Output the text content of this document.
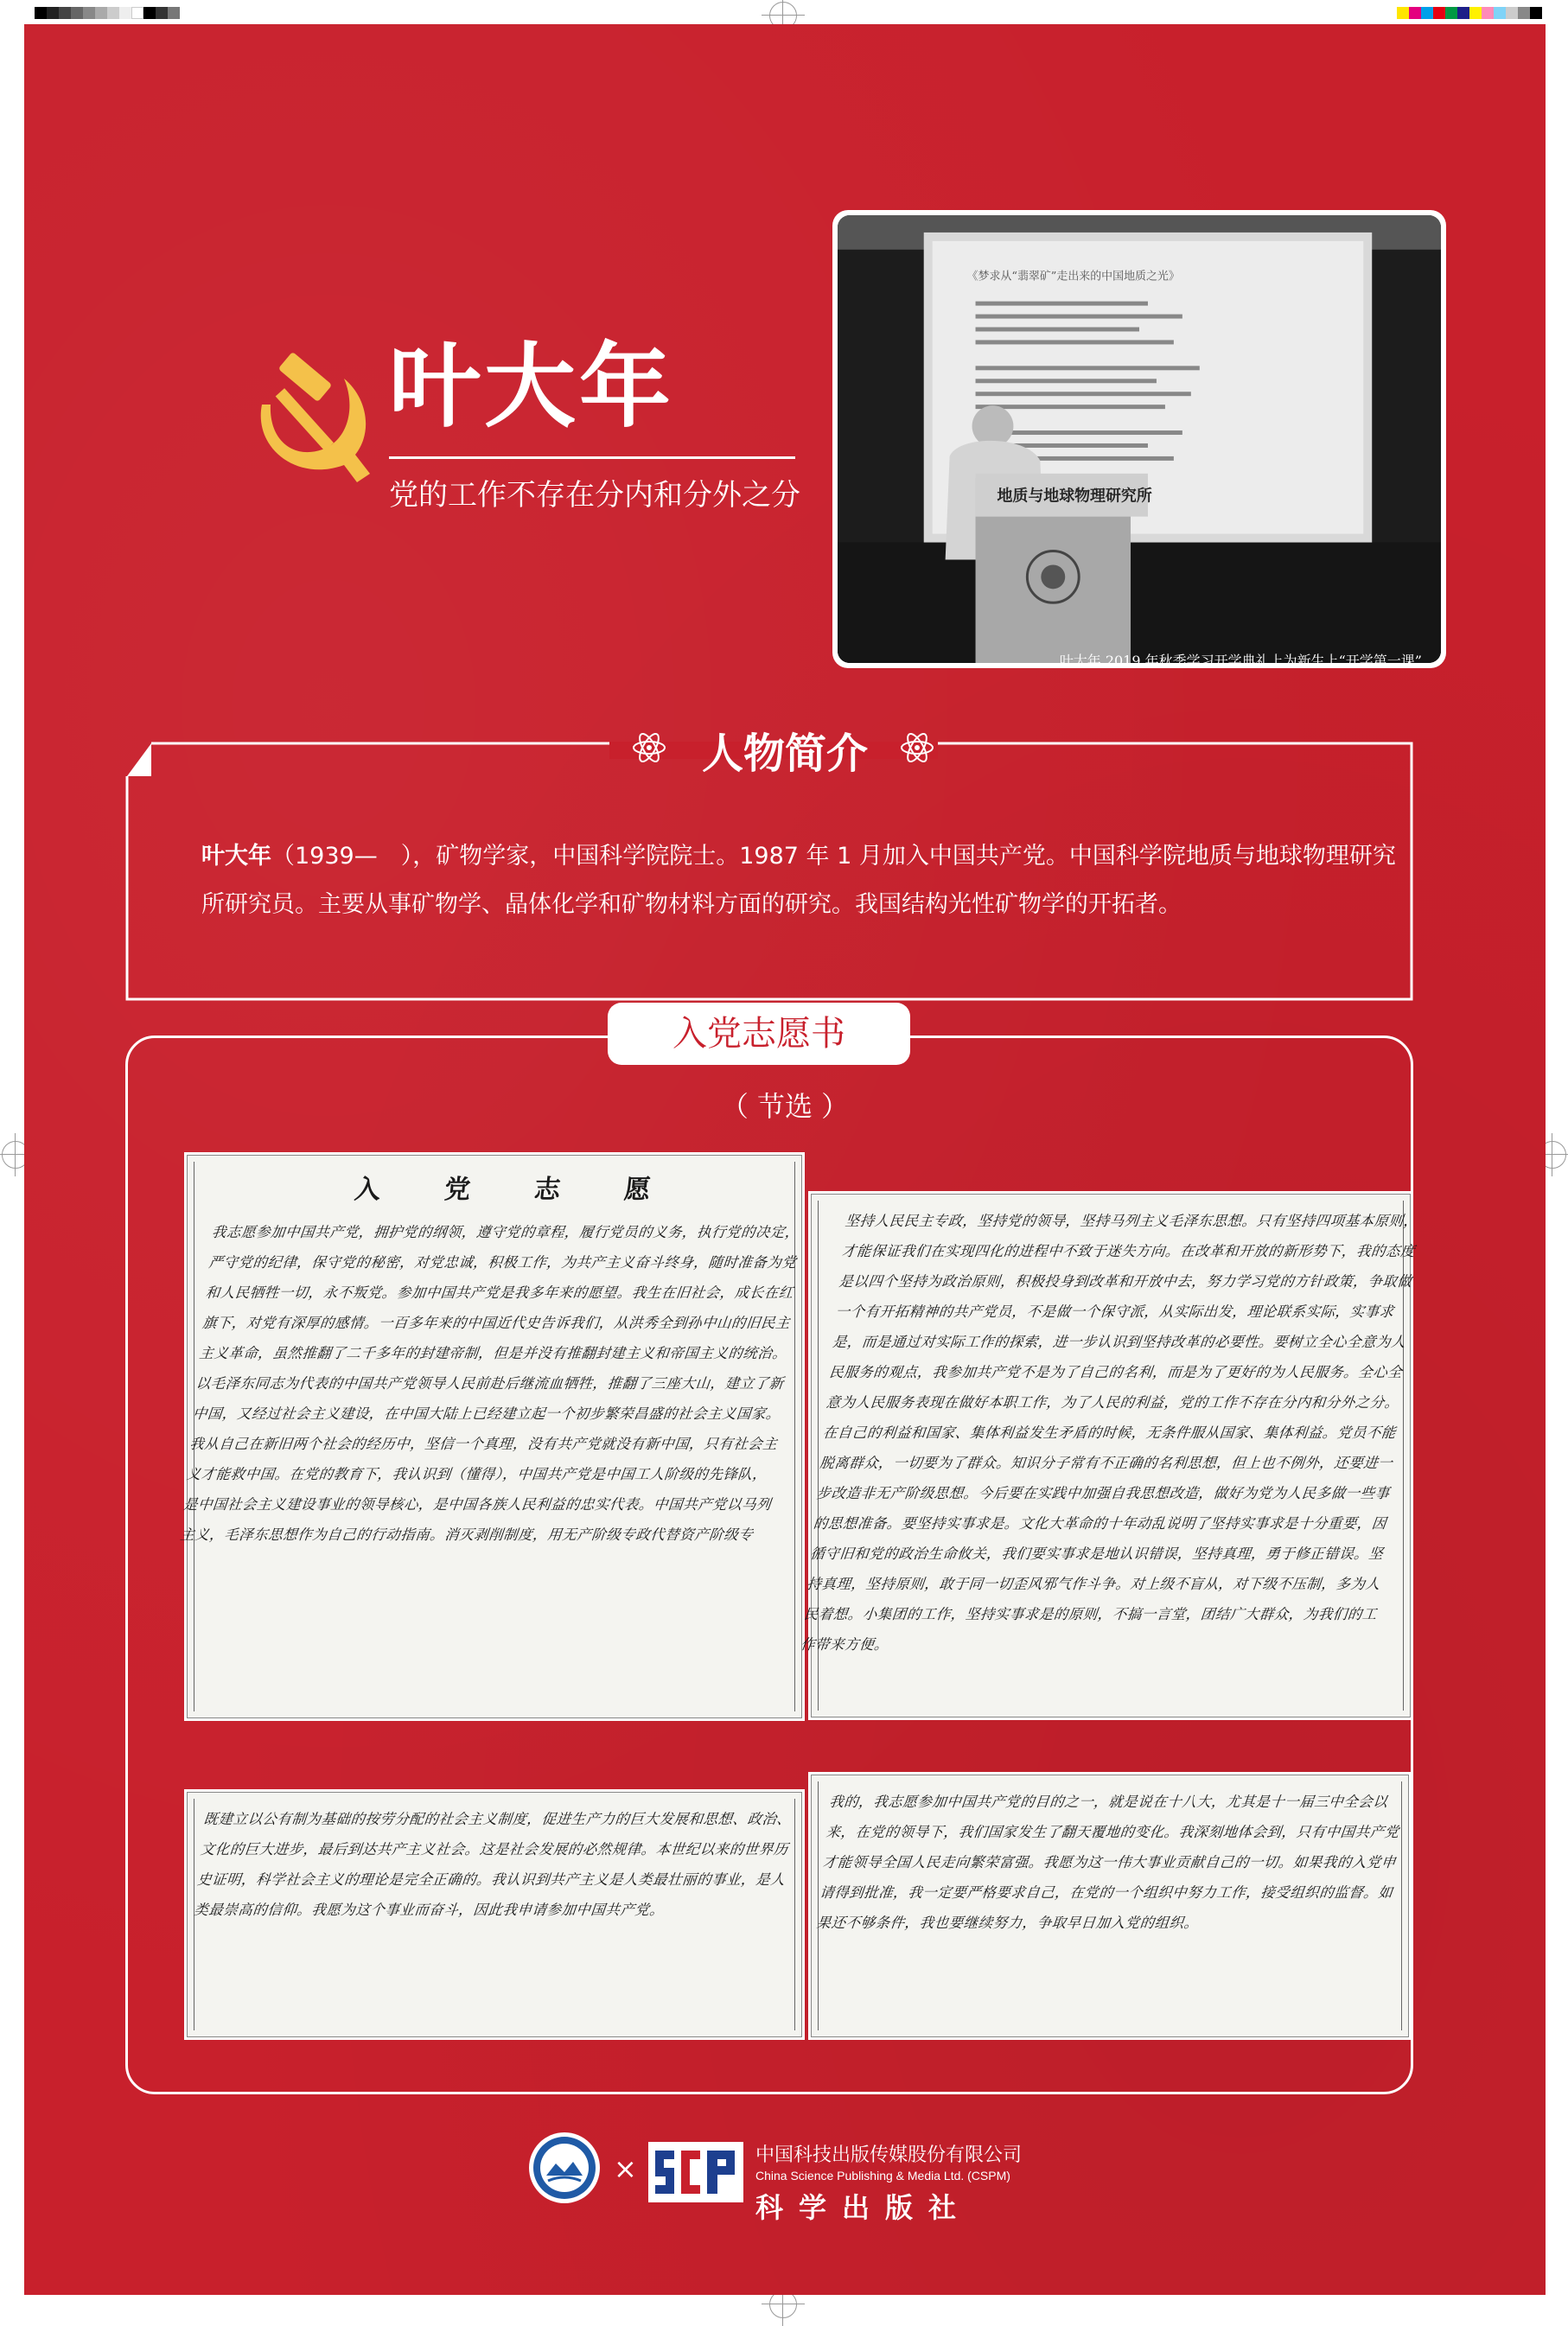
叶大年
党的工作不存在分内和分外之分
《梦求从“翡翠矿”走出来的中国地质之光》
地质与地球物理研究所
叶大年 2019 年秋季学习开学典礼上为新生上“开学第一课”
人物简介
叶大年（1939—　），矿物学家，中国科学院院士。1987 年 1 月加入中国共产党。中国科学院地质与地球物理研究所研究员。主要从事矿物学、晶体化学和矿物材料方面的研究。我国结构光性矿物学的开拓者。
入党志愿书
（ 节选 ）
入　党　志　愿
我志愿参加中国共产党，拥护党的纲领，遵守党的章程，履行党员的义务，执行党的决定，严守党的纪律，保守党的秘密，对党忠诚，积极工作，为共产主义奋斗终身，随时准备为党和人民牺牲一切，永不叛党。参加中国共产党是我多年来的愿望。我生在旧社会，成长在红旗下，对党有深厚的感情。一百多年来的中国近代史告诉我们，从洪秀全到孙中山的旧民主主义革命，虽然推翻了二千多年的封建帝制，但是并没有推翻封建主义和帝国主义的统治。以毛泽东同志为代表的中国共产党领导人民前赴后继流血牺牲，推翻了三座大山，建立了新中国，又经过社会主义建设，在中国大陆上已经建立起一个初步繁荣昌盛的社会主义国家。我从自己在新旧两个社会的经历中，坚信一个真理，没有共产党就没有新中国，只有社会主义才能救中国。在党的教育下，我认识到（懂得），中国共产党是中国工人阶级的先锋队，是中国社会主义建设事业的领导核心，是中国各族人民利益的忠实代表。中国共产党以马列主义，毛泽东思想作为自己的行动指南。消灭剥削制度，用无产阶级专政代替资产阶级专
坚持人民民主专政，坚持党的领导，坚持马列主义毛泽东思想。只有坚持四项基本原则，才能保证我们在实现四化的进程中不致于迷失方向。在改革和开放的新形势下，我的态度是以四个坚持为政治原则，积极投身到改革和开放中去，努力学习党的方针政策，争取做一个有开拓精神的共产党员，不是做一个保守派，从实际出发，理论联系实际，实事求是，而是通过对实际工作的探索，进一步认识到坚持改革的必要性。要树立全心全意为人民服务的观点，我参加共产党不是为了自己的名利，而是为了更好的为人民服务。全心全意为人民服务表现在做好本职工作，为了人民的利益，党的工作不存在分内和分外之分。在自己的利益和国家、集体利益发生矛盾的时候，无条件服从国家、集体利益。党员不能脱离群众，一切要为了群众。知识分子常有不正确的名利思想，但上也不例外，还要进一步改造非无产阶级思想。今后要在实践中加强自我思想改造，做好为党为人民多做一些事的思想准备。要坚持实事求是。文化大革命的十年动乱说明了坚持实事求是十分重要，因循守旧和党的政治生命攸关，我们要实事求是地认识错误，坚持真理，勇于修正错误。坚持真理，坚持原则，敢于同一切歪风邪气作斗争。对上级不盲从，对下级不压制，多为人民着想。小集团的工作，坚持实事求是的原则，不搞一言堂，团结广大群众，为我们的工作带来方便。
既建立以公有制为基础的按劳分配的社会主义制度，促进生产力的巨大发展和思想、政治、文化的巨大进步，最后到达共产主义社会。这是社会发展的必然规律。本世纪以来的世界历史证明，科学社会主义的理论是完全正确的。我认识到共产主义是人类最壮丽的事业，是人类最崇高的信仰。我愿为这个事业而奋斗，因此我申请参加中国共产党。
我的，我志愿参加中国共产党的目的之一，就是说在十八大，尤其是十一届三中全会以来，在党的领导下，我们国家发生了翻天覆地的变化。我深刻地体会到，只有中国共产党才能领导全国人民走向繁荣富强。我愿为这一伟大事业贡献自己的一切。如果我的入党申请得到批准，我一定要严格要求自己，在党的一个组织中努力工作，接受组织的监督。如果还不够条件，我也要继续努力，争取早日加入党的组织。
中国科学院
×	中国科技出版传媒股份有限公司
China Science Publishing & Media Ltd. (CSPM)
科学出版社
